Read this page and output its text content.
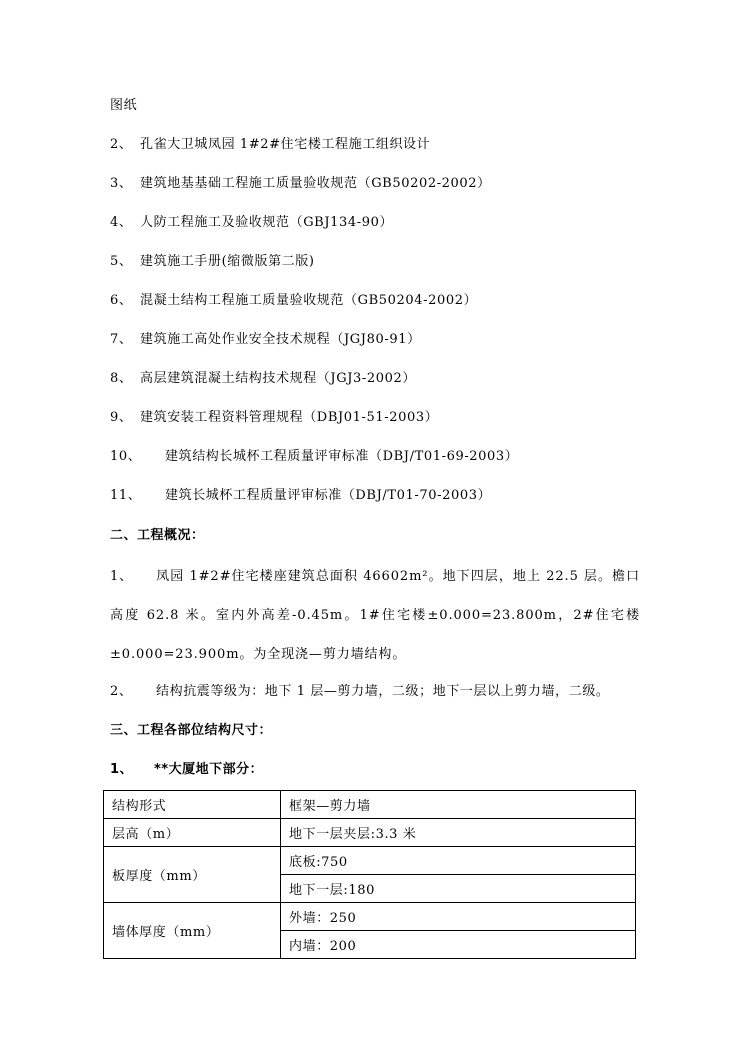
图纸
2、 孔雀大卫城凤园 1#2#住宅楼工程施工组织设计
3、 建筑地基基础工程施工质量验收规范（GB50202-2002）
4、 人防工程施工及验收规范（GBJ134-90）
5、 建筑施工手册(缩微版第二版)
6、 混凝土结构工程施工质量验收规范（GB50204-2002）
7、 建筑施工高处作业安全技术规程（JGJ80-91）
8、 高层建筑混凝土结构技术规程（JGJ3-2002）
9、 建筑安装工程资料管理规程（DBJ01-51-2003）
10、 建筑结构长城杯工程质量评审标准（DBJ/T01-69-2003）
11、 建筑长城杯工程质量评审标准（DBJ/T01-70-2003）
二、工程概况：
1、 凤园 1#2#住宅楼座建筑总面积 46602m²。地下四层，地上 22.5 层。檐口高度 62.8 米。室内外高差-0.45m。1#住宅楼±0.000=23.800m，2#住宅楼±0.000=23.900m。为全现浇—剪力墙结构。
2、 结构抗震等级为：地下 1 层—剪力墙，二级；地下一层以上剪力墙，二级。
三、工程各部位结构尺寸：
1、 **大厦地下部分：
结构形式	框架—剪力墙
层高（m）	地下一层夹层:3.3 米
板厚度（mm）	底板:750
	地下一层:180
墙体厚度（mm）	外墙：250
	内墙：200
